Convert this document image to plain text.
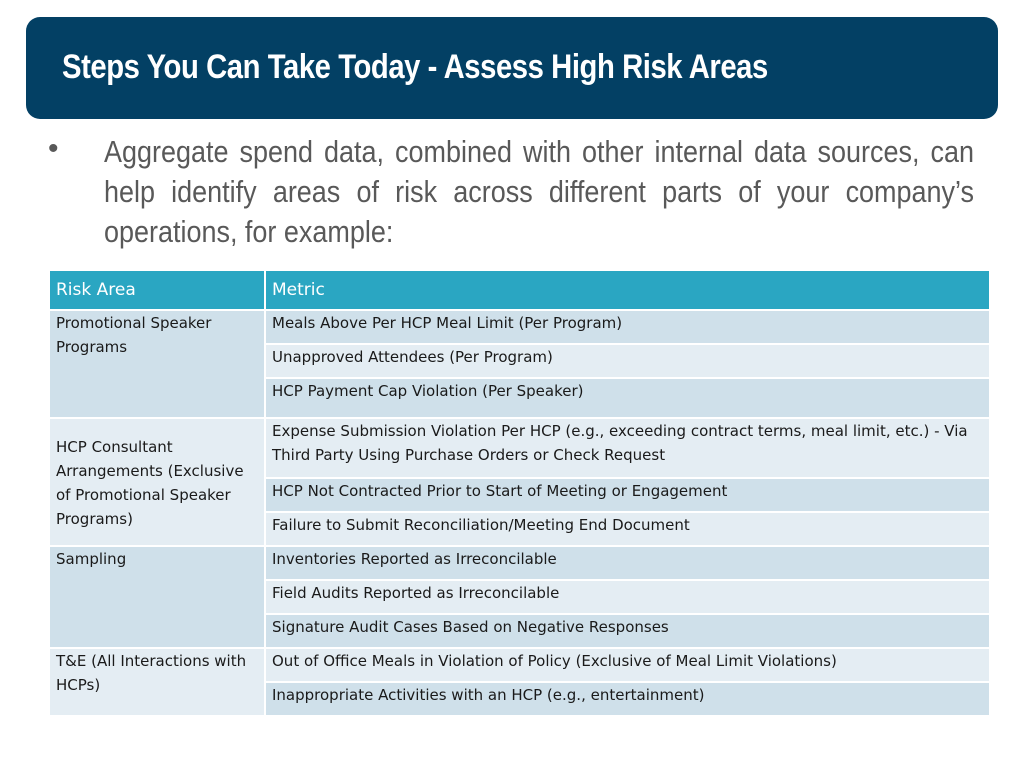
Steps You Can Take Today - Assess High Risk Areas
• Aggregate spend data, combined with other internal data sources, can help identify areas of risk across different parts of your company’s operations, for example:
Risk Area	Metric

Promotional Speaker Programs	Meals Above Per HCP Meal Limit (Per Program)
	Unapproved Attendees (Per Program)
	HCP Payment Cap Violation (Per Speaker)

HCP Consultant Arrangements (Exclusive of Promotional Speaker Programs)	Expense Submission Violation Per HCP (e.g., exceeding contract terms, meal limit, etc.) - Via Third Party Using Purchase Orders or Check Request
	HCP Not Contracted Prior to Start of Meeting or Engagement
	Failure to Submit Reconciliation/Meeting End Document

Sampling	Inventories Reported as Irreconcilable
	Field Audits Reported as Irreconcilable
	Signature Audit Cases Based on Negative Responses

T&E (All Interactions with HCPs)	Out of Office Meals in Violation of Policy (Exclusive of Meal Limit Violations)
	Inappropriate Activities with an HCP (e.g., entertainment)
